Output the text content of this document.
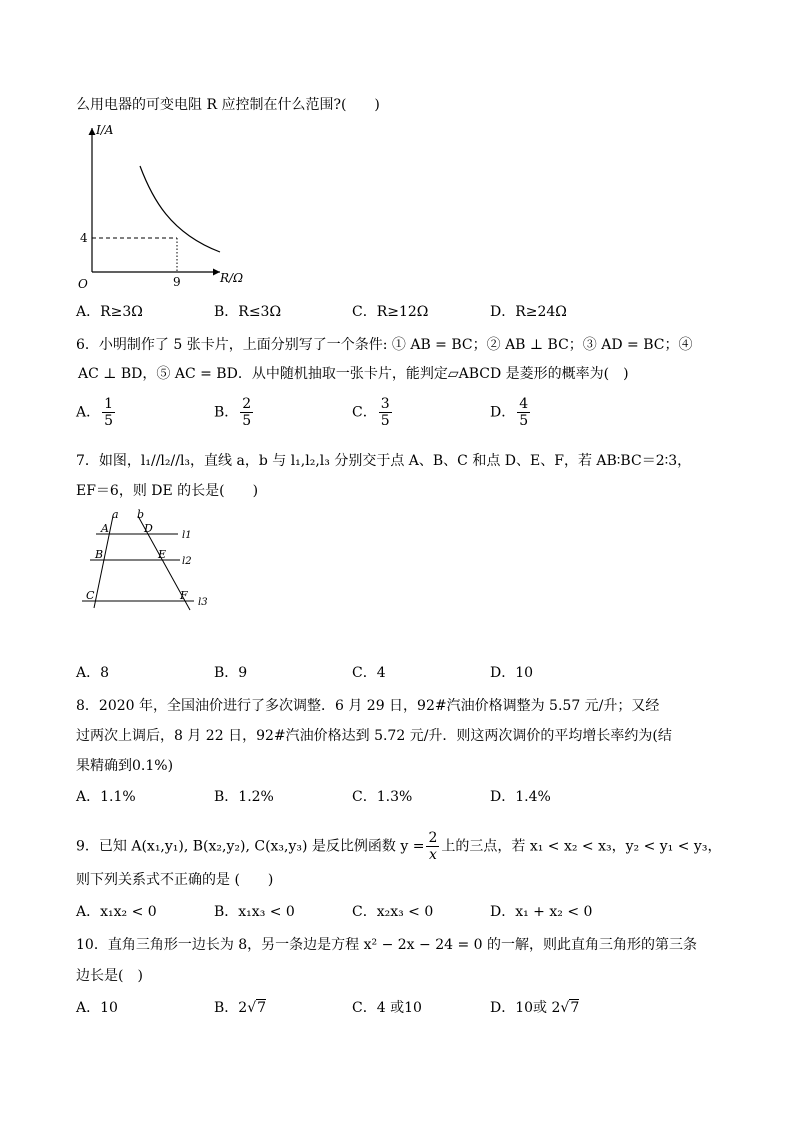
么用电器的可变电阻 R 应控制在什么范围?(　　)
I/A
R/Ω
O
4
9
A．R≥3Ω	B．R≤3Ω	C．R≥12Ω	D．R≥24Ω
6．小明制作了 5 张卡片，上面分别写了一个条件: ① AB = BC；② AB ⊥ BC；③ AD = BC；④
AC ⊥ BD，⑤ AC = BD．从中随机抽取一张卡片，能判定▱ABCD 是菱形的概率为(　)
A． $\frac{1}{5}$	B． $\frac{2}{5}$	C． $\frac{3}{5}$	D． $\frac{4}{5}$
7．如图，l₁//l₂//l₃，直线 a，b 与 l₁,l₂,l₃ 分别交于点 A、B、C 和点 D、E、F，若 AB∶BC＝2∶3，
EF＝6，则 DE 的长是(　　)
a b
A	D
l1
B	E
l2
C	F
l3
A．8	B．9	C．4	D．10
8．2020 年，全国油价进行了多次调整．6 月 29 日，92#汽油价格调整为 5.57 元/升；又经
过两次上调后，8 月 22 日，92#汽油价格达到 5.72 元/升．则这两次调价的平均增长率约为(结
果精确到0.1%)
A．1.1%	B．1.2%	C．1.3%	D．1.4%
9．已知 A(x₁,y₁), B(x₂,y₂), C(x₃,y₃) 是反比例函数 $y = \frac{2}{x}$ 上的三点，若 x₁ < x₂ < x₃，y₂ < y₁ < y₃，
则下列关系式不正确的是 (　　)
A．x₁x₂ < 0	B．x₁x₃ < 0	C．x₂x₃ < 0	D．x₁ + x₂ < 0
10．直角三角形一边长为 8，另一条边是方程 x² − 2x − 24 = 0 的一解，则此直角三角形的第三条
边长是(　)
A．10	B．2√7	C．4 或10	D．10或 2√7
